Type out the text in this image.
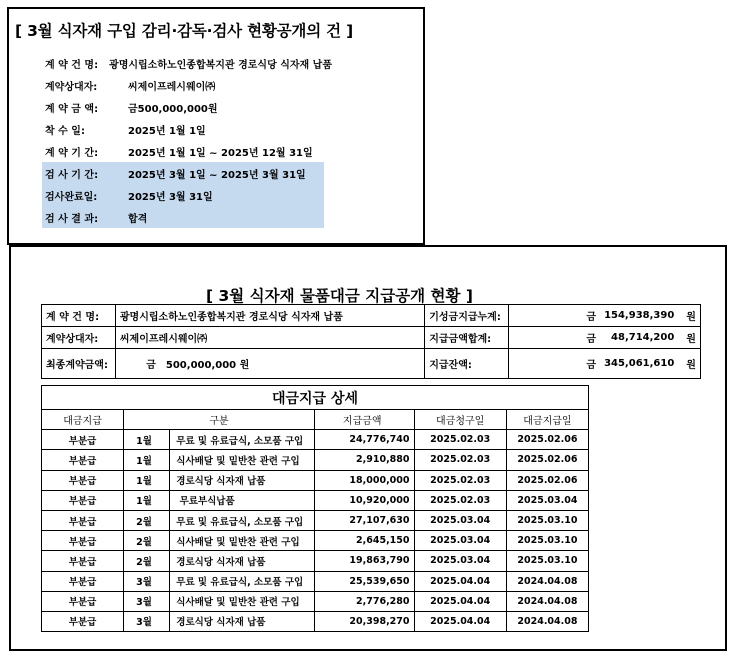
[ 3월 식자재 구입 감리·감독·검사 현황공개의 건 ]
계 약 건 명:	광명시립소하노인종합복지관 경로식당 식자재 납품
계약상대자:	씨제이프레시웨이㈜
계 약 금 액:	금500,000,000원
착 수 일:	2025년 1월 1일
계 약 기 간:	2025년 1월 1일 ~ 2025년 12월 31일
검 사 기 간:	2025년 3월 1일 ~ 2025년 3월 31일
검사완료일:	2025년 3월 31일
검 사 결 과:	합격
[ 3월 식자재 물품대금 지급공개 현황 ]
계 약 건 명:	광명시립소하노인종합복지관 경로식당 식자재 납품	기성금지급누계:	금	154,938,390	원
계약상대자:	씨제이프레시웨이㈜	지급금액합계:	금	48,714,200	원
최종계약금액:	금 500,000,000 원	지급잔액:	금	345,061,610	원
대금지급 상세					
대금지급	구분		지급금액	대금청구일	대금지급일
부분급	1월	무료 및 유료급식, 소모품 구입	24,776,740	2025.02.03	2025.02.06
부분급	1월	식사배달 및 밑반찬 관련 구입	2,910,880	2025.02.03	2025.02.06
부분급	1월	경로식당 식자재 납품	18,000,000	2025.02.03	2025.02.06
부분급	1월	무료부식납품	10,920,000	2025.02.03	2025.03.04
부분급	2월	무료 및 유료급식, 소모품 구입	27,107,630	2025.03.04	2025.03.10
부분급	2월	식사배달 및 밑반찬 관련 구입	2,645,150	2025.03.04	2025.03.10
부분급	2월	경로식당 식자재 납품	19,863,790	2025.03.04	2025.03.10
부분급	3월	무료 및 유료급식, 소모품 구입	25,539,650	2025.04.04	2024.04.08
부분급	3월	식사배달 및 밑반찬 관련 구입	2,776,280	2025.04.04	2024.04.08
부분급	3월	경로식당 식자재 납품	20,398,270	2025.04.04	2024.04.08
